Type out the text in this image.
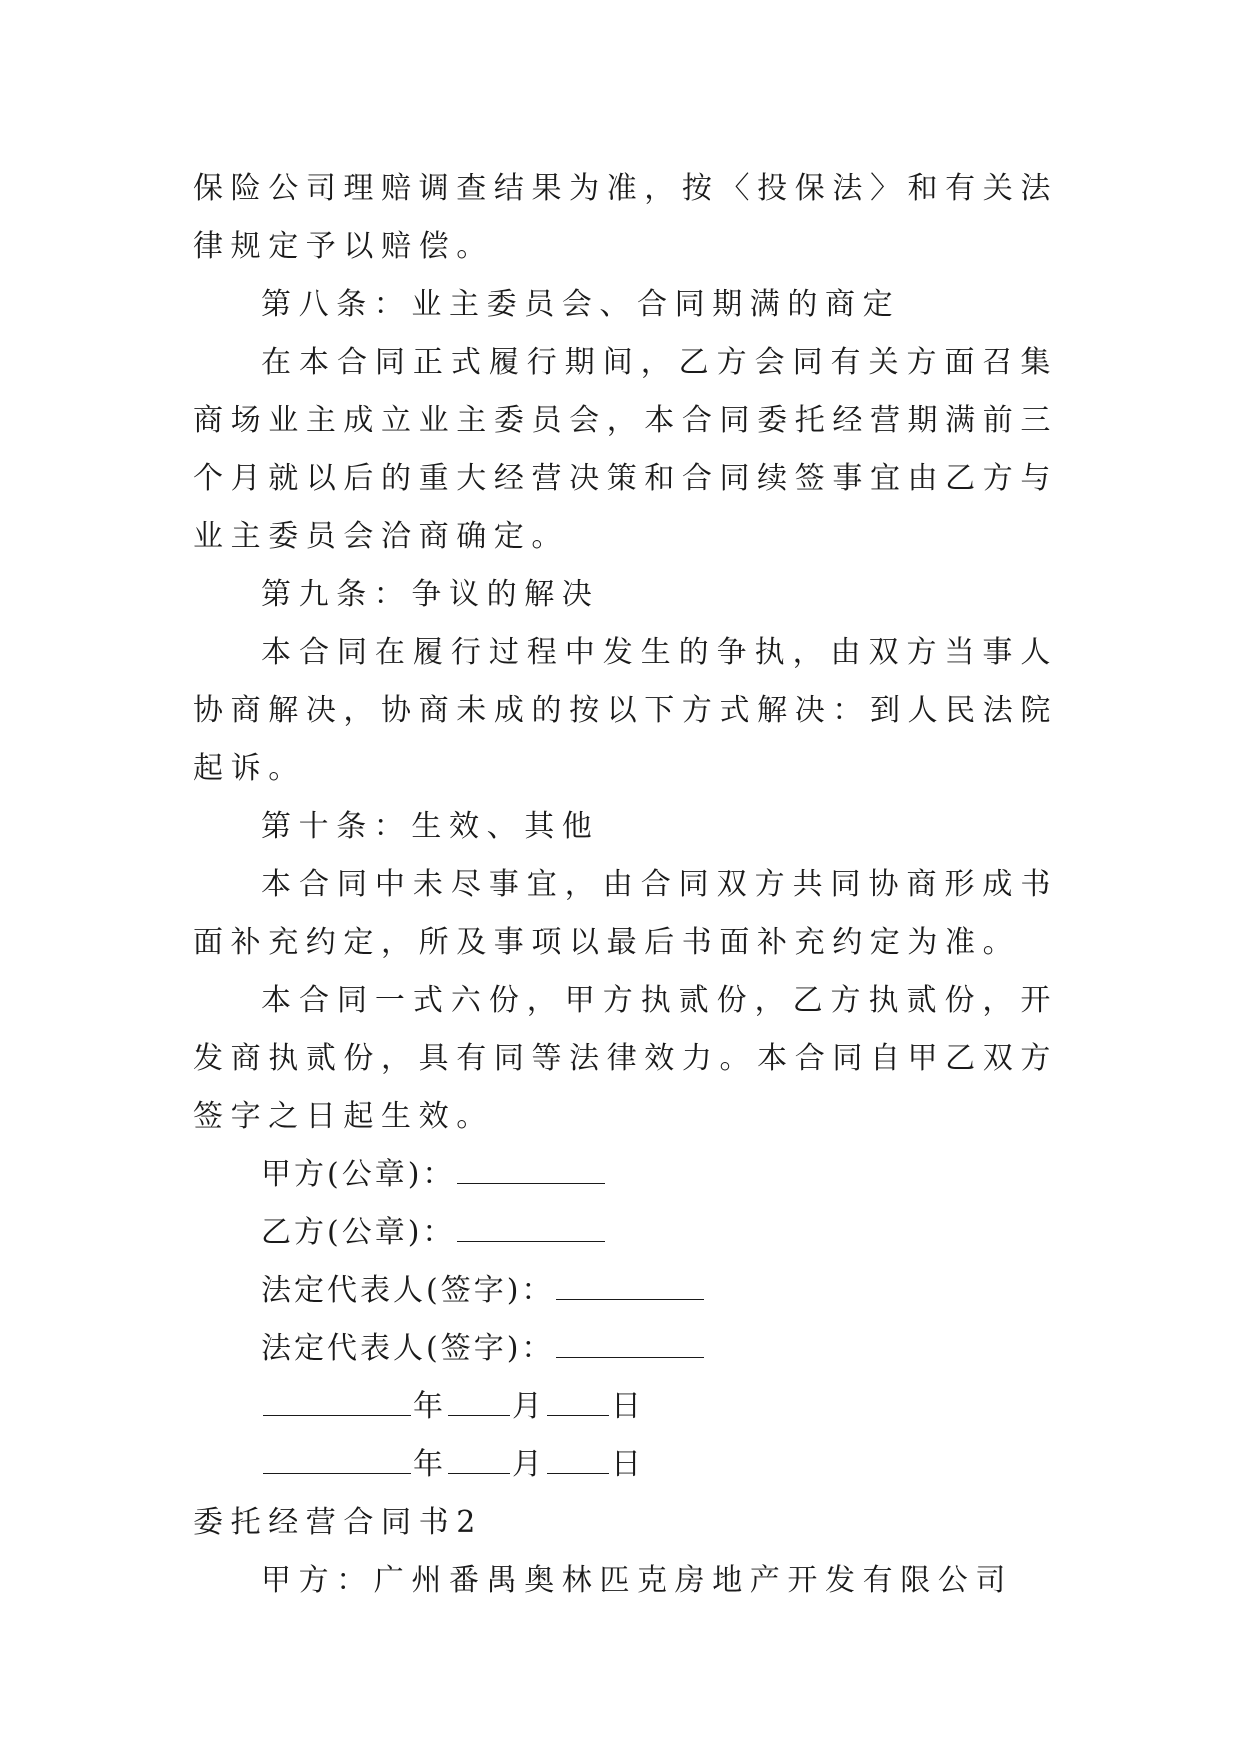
保险公司理赔调查结果为准，按〈投保法〉和有关法律规定予以赔偿。

第八条：业主委员会、合同期满的商定

在本合同正式履行期间，乙方会同有关方面召集商场业主成立业主委员会，本合同委托经营期满前三个月就以后的重大经营决策和合同续签事宜由乙方与业主委员会洽商确定。

第九条：争议的解决

本合同在履行过程中发生的争执，由双方当事人协商解决，协商未成的按以下方式解决：到人民法院起诉。

第十条：生效、其他

本合同中未尽事宜，由合同双方共同协商形成书面补充约定，所及事项以最后书面补充约定为准。

本合同一式六份，甲方执贰份，乙方执贰份，开发商执贰份，具有同等法律效力。本合同自甲乙双方签字之日起生效。

甲方(公章)：

乙方(公章)：

法定代表人(签字)：

法定代表人(签字)：

年 月 日

年 月 日

委托经营合同书2

甲方：广州番禺奥林匹克房地产开发有限公司
